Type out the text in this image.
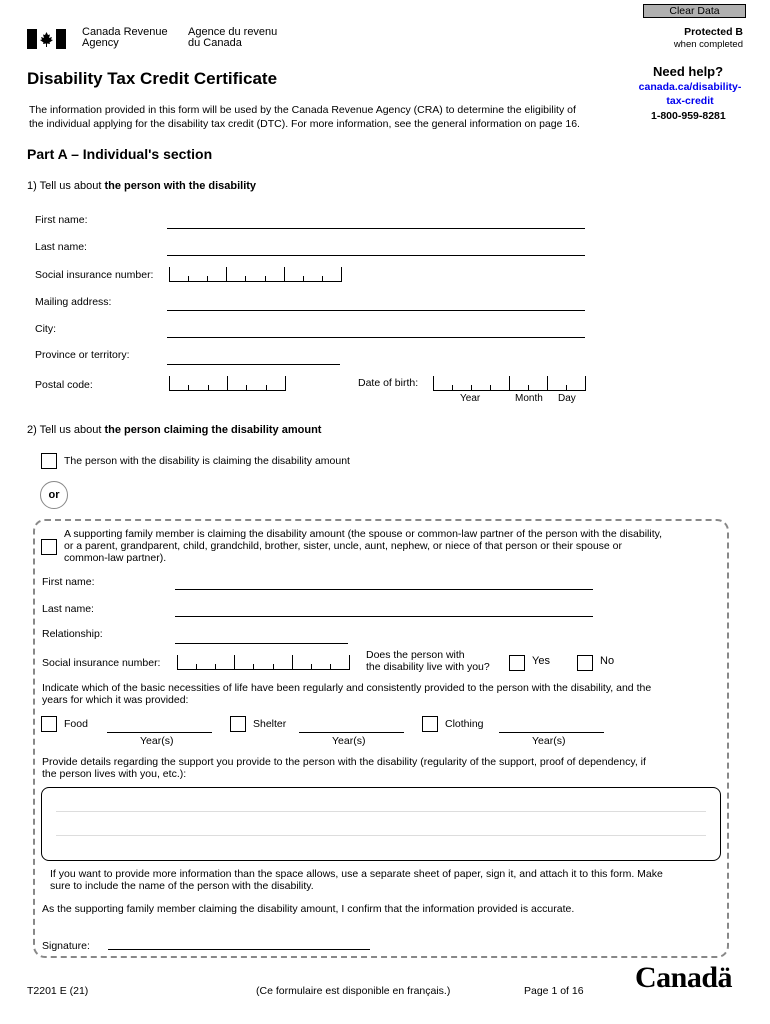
Clear Data
Canada Revenue
Agency
Agence du revenu
du Canada
Protected B
when completed
Need help?
canada.ca/disability-
tax-credit
1-800-959-8281
Disability Tax Credit Certificate
The information provided in this form will be used by the Canada Revenue Agency (CRA) to determine the eligibility of
the individual applying for the disability tax credit (DTC). For more information, see the general information on page 16.
Part A – Individual's section
1) Tell us about the person with the disability
First name:
Last name:
Social insurance number:
Mailing address:
City:
Province or territory:
Postal code:	Date of birth:
Year	Month Day
2) Tell us about the person claiming the disability amount
The person with the disability is claiming the disability amount
or
A supporting family member is claiming the disability amount (the spouse or common-law partner of the person with the disability,
or a parent, grandparent, child, grandchild, brother, sister, uncle, aunt, nephew, or niece of that person or their spouse or
common-law partner).
First name:
Last name:
Relationship:
Social insurance number:
Does the person with
the disability live with you?	Yes	No
Indicate which of the basic necessities of life have been regularly and consistently provided to the person with the disability, and the
years for which it was provided:
Food
Year(s)
Shelter
Year(s)
Clothing
Year(s)
Provide details regarding the support you provide to the person with the disability (regularity of the support, proof of dependency, if
the person lives with you, etc.):
If you want to provide more information than the space allows, use a separate sheet of paper, sign it, and attach it to this form. Make
sure to include the name of the person with the disability.
As the supporting family member claiming the disability amount, I confirm that the information provided is accurate.
Signature:
T2201 E (21)	(Ce formulaire est disponible en français.)	Page 1 of 16 Canadä
